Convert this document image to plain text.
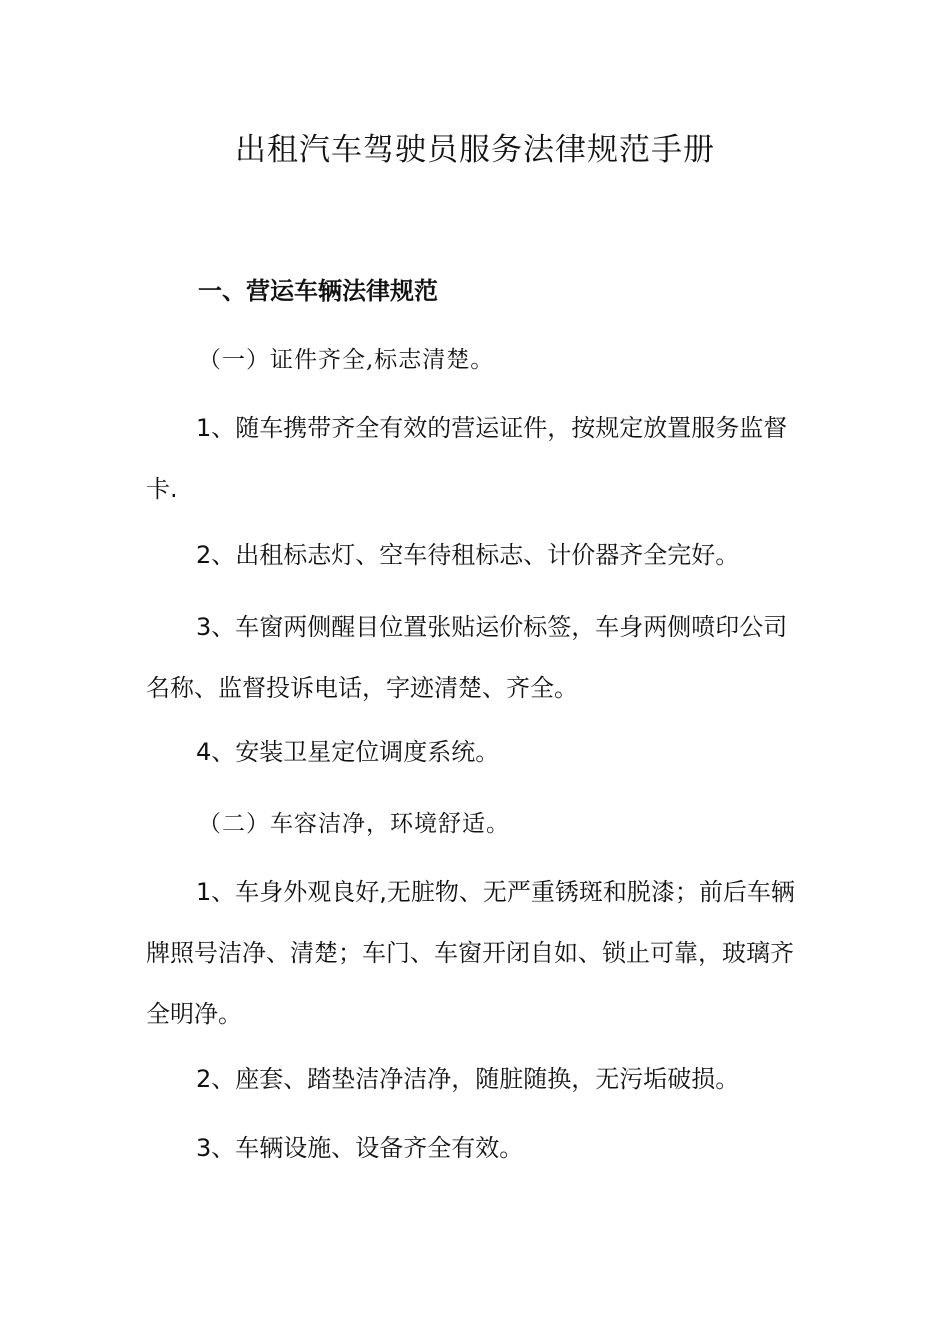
出租汽车驾驶员服务法律规范手册

一、营运车辆法律规范

（一）证件齐全,标志清楚。

1、随车携带齐全有效的营运证件，按规定放置服务监督卡.

2、出租标志灯、空车待租标志、计价器齐全完好。

3、车窗两侧醒目位置张贴运价标签，车身两侧喷印公司名称、监督投诉电话，字迹清楚、齐全。

4、安装卫星定位调度系统。

（二）车容洁净，环境舒适。

1、车身外观良好,无脏物、无严重锈斑和脱漆；前后车辆牌照号洁净、清楚；车门、车窗开闭自如、锁止可靠，玻璃齐全明净。

2、座套、踏垫洁净洁净，随脏随换，无污垢破损。

3、车辆设施、设备齐全有效。
